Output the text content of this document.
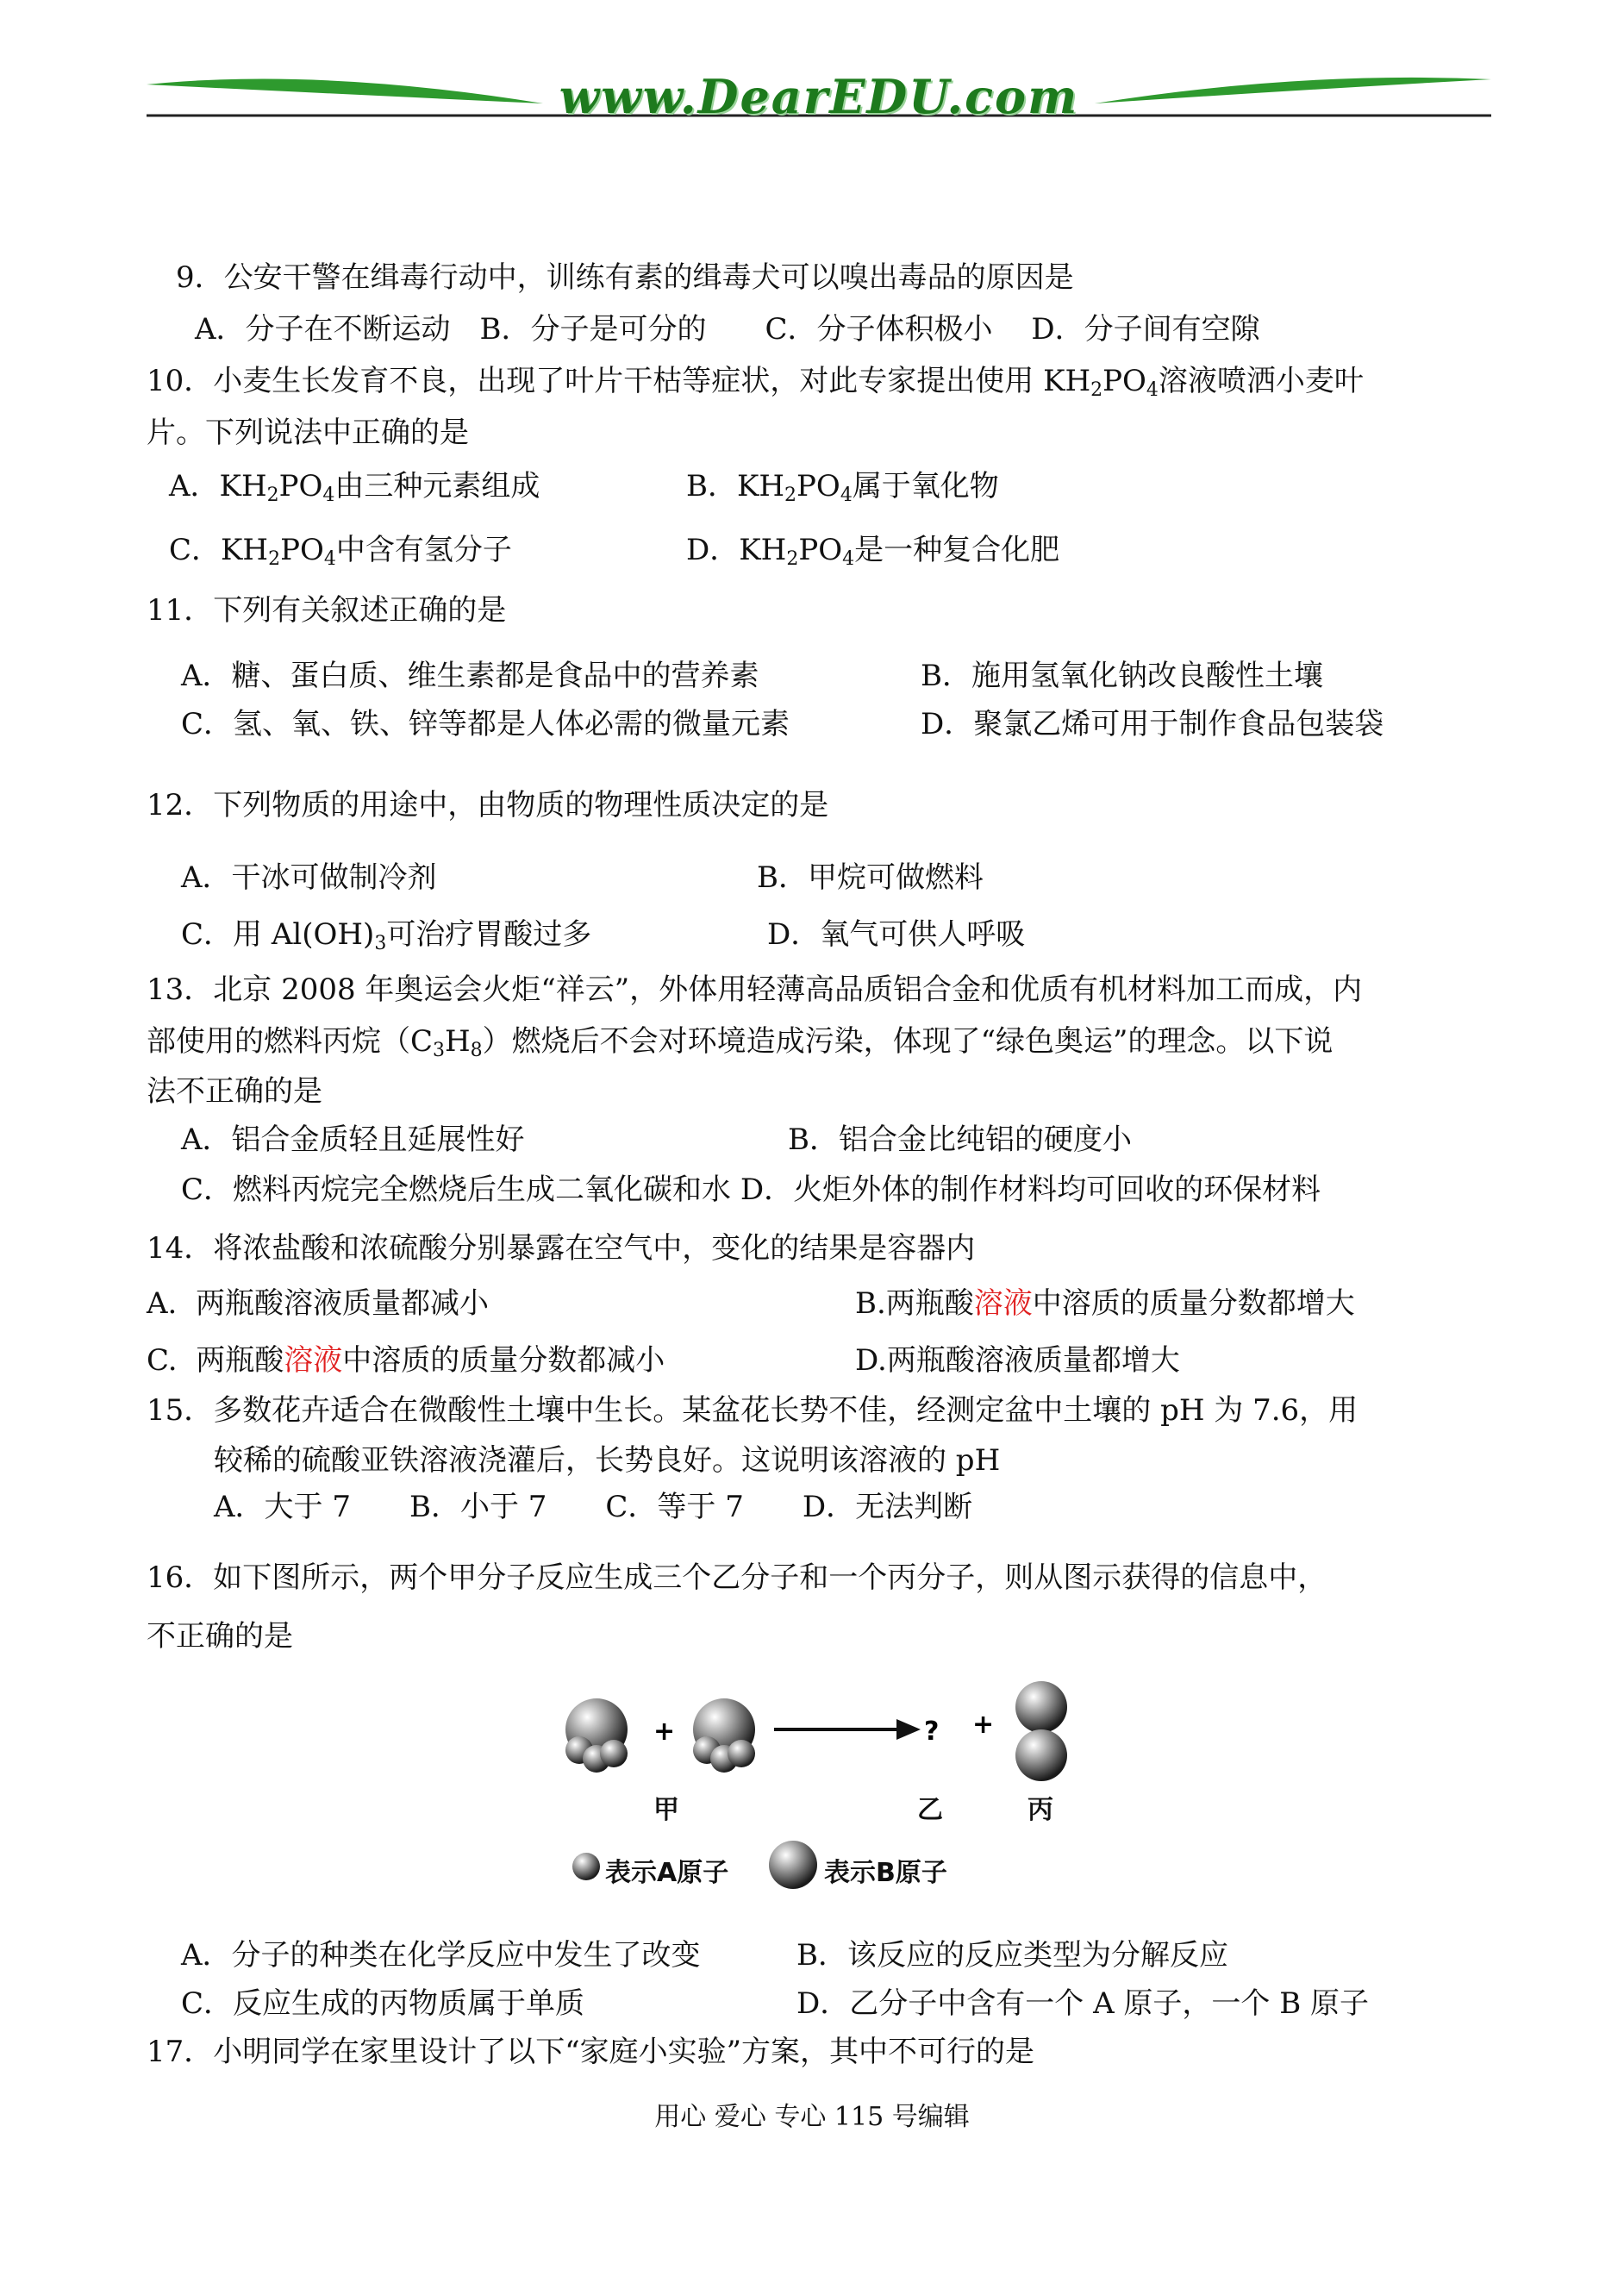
www.DearEDU.com
9．公安干警在缉毒行动中，训练有素的缉毒犬可以嗅出毒品的原因是
A．分子在不断运动　B．分子是可分的　　C．分子体积极小　 D．分子间有空隙
10．小麦生长发育不良，出现了叶片干枯等症状，对此专家提出使用 $KH_2PO_4$溶液喷洒小麦叶
片。下列说法中正确的是
A．$KH_2PO_4$由三种元素组成	B．$KH_2PO_4$属于氧化物
C．$KH_2PO_4$中含有氢分子	D．$KH_2PO_4$是一种复合化肥
11．下列有关叙述正确的是
A．糖、蛋白质、维生素都是食品中的营养素	B．施用氢氧化钠改良酸性土壤
C．氢、氧、铁、锌等都是人体必需的微量元素	D．聚氯乙烯可用于制作食品包装袋
12．下列物质的用途中，由物质的物理性质决定的是
A．干冰可做制冷剂	B．甲烷可做燃料
C．用 $Al(OH)_3$可治疗胃酸过多	D．氧气可供人呼吸
13．北京 2008 年奥运会火炬“祥云”，外体用轻薄高品质铝合金和优质有机材料加工而成，内
部使用的燃料丙烷$(C_3H_8)$燃烧后不会对环境造成污染，体现了“绿色奥运”的理念。以下说
法不正确的是
A．铝合金质轻且延展性好	B．铝合金比纯铝的硬度小
C．燃料丙烷完全燃烧后生成二氧化碳和水 D．火炬外体的制作材料均可回收的环保材料
14．将浓盐酸和浓硫酸分别暴露在空气中，变化的结果是容器内
A.  两瓶酸溶液质量都减小	B.两瓶酸溶液中溶质的质量分数都增大
C.  两瓶酸溶液中溶质的质量分数都减小	D.两瓶酸溶液质量都增大
15．多数花卉适合在微酸性土壤中生长。某盆花长势不佳，经测定盆中土壤的 pH 为 7.6，用
较稀的硫酸亚铁溶液浇灌后，长势良好。这说明该溶液的 pH
A．大于 7　　B．小于 7　　C．等于 7　　D．无法判断
16．如下图所示，两个甲分子反应生成三个乙分子和一个丙分子，则从图示获得的信息中，
不正确的是
+	? +
甲	乙	丙
表示A原子	表示B原子
A．分子的种类在化学反应中发生了改变	B．该反应的反应类型为分解反应
C．反应生成的丙物质属于单质	D．乙分子中含有一个 A 原子，一个 B 原子
17．小明同学在家里设计了以下“家庭小实验”方案，其中不可行的是
用心 爱心 专心 115 号编辑
